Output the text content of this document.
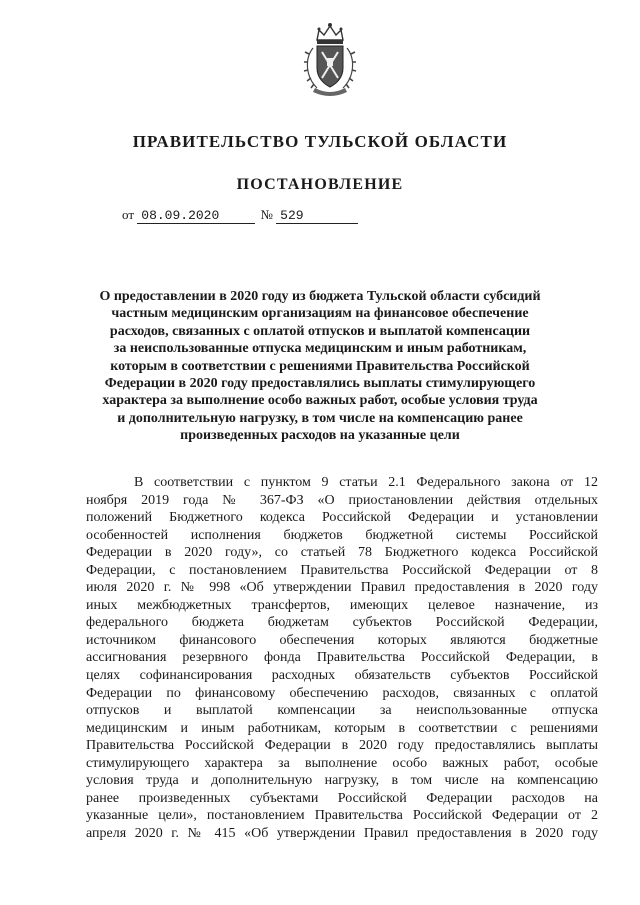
ПРАВИТЕЛЬСТВО ТУЛЬСКОЙ ОБЛАСТИ
ПОСТАНОВЛЕНИЕ
от 08.09.2020	№ 529
О предоставлении в 2020 году из бюджета Тульской области субсидий
частным медицинским организациям на финансовое обеспечение
расходов, связанных с оплатой отпусков и выплатой компенсации
за неиспользованные отпуска медицинским и иным работникам,
которым в соответствии с решениями Правительства Российской
Федерации в 2020 году предоставлялись выплаты стимулирующего
характера за выполнение особо важных работ, особые условия труда
и дополнительную нагрузку, в том числе на компенсацию ранее
произведенных расходов на указанные цели
В соответствии с пунктом 9 статьи 2.1 Федерального закона от 12
ноября 2019 года № 367-ФЗ «О приостановлении действия отдельных
положений Бюджетного кодекса Российской Федерации и установлении
особенностей исполнения бюджетов бюджетной системы Российской
Федерации в 2020 году», со статьей 78 Бюджетного кодекса Российской
Федерации, с постановлением Правительства Российской Федерации от 8
июля 2020 г. № 998 «Об утверждении Правил предоставления в 2020 году
иных межбюджетных трансфертов, имеющих целевое назначение, из
федерального бюджета бюджетам субъектов Российской Федерации,
источником финансового обеспечения которых являются бюджетные
ассигнования резервного фонда Правительства Российской Федерации, в
целях софинансирования расходных обязательств субъектов Российской
Федерации по финансовому обеспечению расходов, связанных с оплатой
отпусков и выплатой компенсации за неиспользованные отпуска
медицинским и иным работникам, которым в соответствии с решениями
Правительства Российской Федерации в 2020 году предоставлялись выплаты
стимулирующего характера за выполнение особо важных работ, особые
условия труда и дополнительную нагрузку, в том числе на компенсацию
ранее произведенных субъектами Российской Федерации расходов на
указанные цели», постановлением Правительства Российской Федерации от 2
апреля 2020 г. № 415 «Об утверждении Правил предоставления в 2020 году
